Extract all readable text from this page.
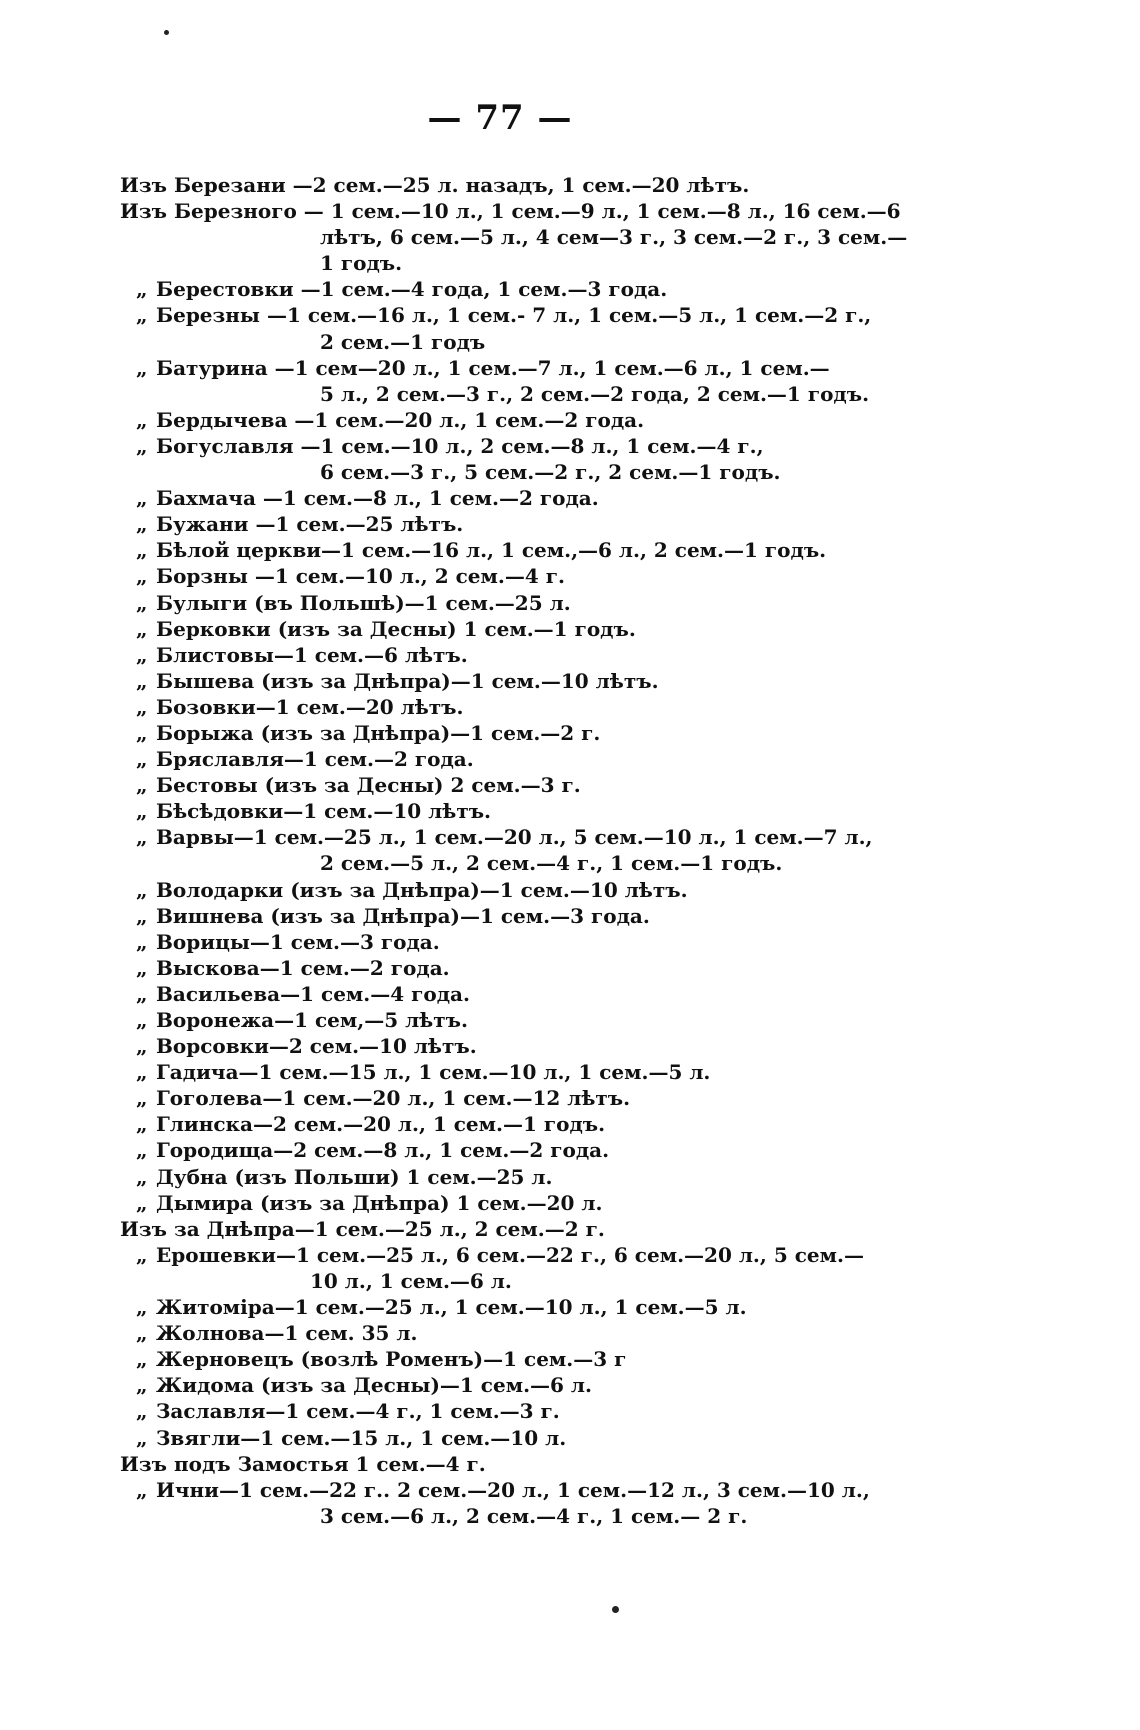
— 77 —
Изъ Березани —2 сем.—25 л. назадъ, 1 сем.—20 лѣтъ.
Изъ Березного — 1 сем.—10 л., 1 сем.—9 л., 1 сем.—8 л., 16 сем.—6
лѣтъ, 6 сем.—5 л., 4 сем—3 г., 3 сем.—2 г., 3 сем.—
1 годъ.
„ Берестовки —1 сем.—4 года, 1 сем.—3 года.
„ Березны —1 сем.—16 л., 1 сем.- 7 л., 1 сем.—5 л., 1 сем.—2 г.,
2 сем.—1 годъ
„ Батурина —1 сем—20 л., 1 сем.—7 л., 1 сем.—6 л., 1 сем.—
5 л., 2 сем.—3 г., 2 сем.—2 года, 2 сем.—1 годъ.
„ Бердычева —1 сем.—20 л., 1 сем.—2 года.
„ Богуславля —1 сем.—10 л., 2 сем.—8 л., 1 сем.—4 г.,
6 сем.—3 г., 5 сем.—2 г., 2 сем.—1 годъ.
„ Бахмача —1 сем.—8 л., 1 сем.—2 года.
„ Бужани —1 сем.—25 лѣтъ.
„ Бѣлой церкви—1 сем.—16 л., 1 сем.,—6 л., 2 сем.—1 годъ.
„ Борзны —1 сем.—10 л., 2 сем.—4 г.
„ Булыги (въ Польшѣ)—1 сем.—25 л.
„ Берковки (изъ за Десны) 1 сем.—1 годъ.
„ Блистовы—1 сем.—6 лѣтъ.
„ Бышева (изъ за Днѣпра)—1 сем.—10 лѣтъ.
„ Бозовки—1 сем.—20 лѣтъ.
„ Борыжа (изъ за Днѣпра)—1 сем.—2 г.
„ Бряславля—1 сем.—2 года.
„ Бестовы (изъ за Десны) 2 сем.—3 г.
„ Бѣсѣдовки—1 сем.—10 лѣтъ.
„ Варвы—1 сем.—25 л., 1 сем.—20 л., 5 сем.—10 л., 1 сем.—7 л.,
2 сем.—5 л., 2 сем.—4 г., 1 сем.—1 годъ.
„ Володарки (изъ за Днѣпра)—1 сем.—10 лѣтъ.
„ Вишнева (изъ за Днѣпра)—1 сем.—3 года.
„ Ворицы—1 сем.—3 года.
„ Выскова—1 сем.—2 года.
„ Васильева—1 сем.—4 года.
„ Воронежа—1 сем,—5 лѣтъ.
„ Ворсовки—2 сем.—10 лѣтъ.
„ Гадича—1 сем.—15 л., 1 сем.—10 л., 1 сем.—5 л.
„ Гоголева—1 сем.—20 л., 1 сем.—12 лѣтъ.
„ Глинска—2 сем.—20 л., 1 сем.—1 годъ.
„ Городища—2 сем.—8 л., 1 сем.—2 года.
„ Дубна (изъ Польши) 1 сем.—25 л.
„ Дымира (изъ за Днѣпра) 1 сем.—20 л.
Изъ за Днѣпра—1 сем.—25 л., 2 сем.—2 г.
„ Ерошевки—1 сем.—25 л., 6 сем.—22 г., 6 сем.—20 л., 5 сем.—
10 л., 1 сем.—6 л.
„ Житоміра—1 сем.—25 л., 1 сем.—10 л., 1 сем.—5 л.
„ Жолнова—1 сем. 35 л.
„ Жерновецъ (возлѣ Роменъ)—1 сем.—3 г
„ Жидома (изъ за Десны)—1 сем.—6 л.
„ Заславля—1 сем.—4 г., 1 сем.—3 г.
„ Звягли—1 сем.—15 л., 1 сем.—10 л.
Изъ подъ Замостья 1 сем.—4 г.
„ Ични—1 сем.—22 г.. 2 сем.—20 л., 1 сем.—12 л., 3 сем.—10 л.,
3 сем.—6 л., 2 сем.—4 г., 1 сем.— 2 г.
